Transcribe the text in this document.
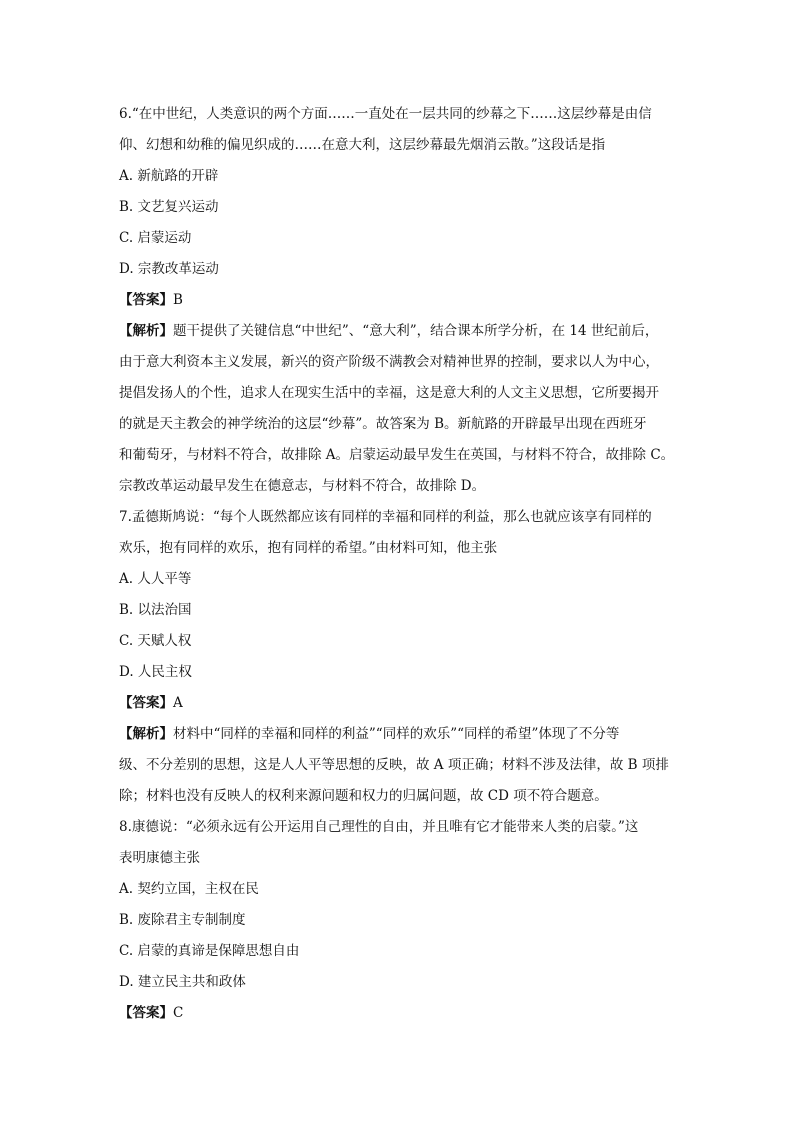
6.“在中世纪，人类意识的两个方面……一直处在一层共同的纱幕之下……这层纱幕是由信
仰、幻想和幼稚的偏见织成的……在意大利，这层纱幕最先烟消云散。”这段话是指
A. 新航路的开辟
B. 文艺复兴运动
C. 启蒙运动
D. 宗教改革运动
【答案】B
【解析】题干提供了关键信息“中世纪”、“意大利”，结合课本所学分析，在 14 世纪前后，
由于意大利资本主义发展，新兴的资产阶级不满教会对精神世界的控制，要求以人为中心，
提倡发扬人的个性，追求人在现实生活中的幸福，这是意大利的人文主义思想，它所要揭开
的就是天主教会的神学统治的这层“纱幕”。故答案为 B。新航路的开辟最早出现在西班牙
和葡萄牙，与材料不符合，故排除 A。启蒙运动最早发生在英国，与材料不符合，故排除 C。
宗教改革运动最早发生在德意志，与材料不符合，故排除 D。
7.孟德斯鸠说：“每个人既然都应该有同样的幸福和同样的利益，那么也就应该享有同样的
欢乐，抱有同样的欢乐，抱有同样的希望。”由材料可知，他主张
A. 人人平等
B. 以法治国
C. 天赋人权
D. 人民主权
【答案】A
【解析】材料中“同样的幸福和同样的利益”“同样的欢乐”“同样的希望”体现了不分等
级、不分差别的思想，这是人人平等思想的反映，故 A 项正确；材料不涉及法律，故 B 项排
除；材料也没有反映人的权利来源问题和权力的归属问题，故 CD 项不符合题意。
8.康德说：“必须永远有公开运用自己理性的自由，并且唯有它才能带来人类的启蒙。”这
表明康德主张
A. 契约立国，主权在民
B. 废除君主专制制度
C. 启蒙的真谛是保障思想自由
D. 建立民主共和政体
【答案】C
